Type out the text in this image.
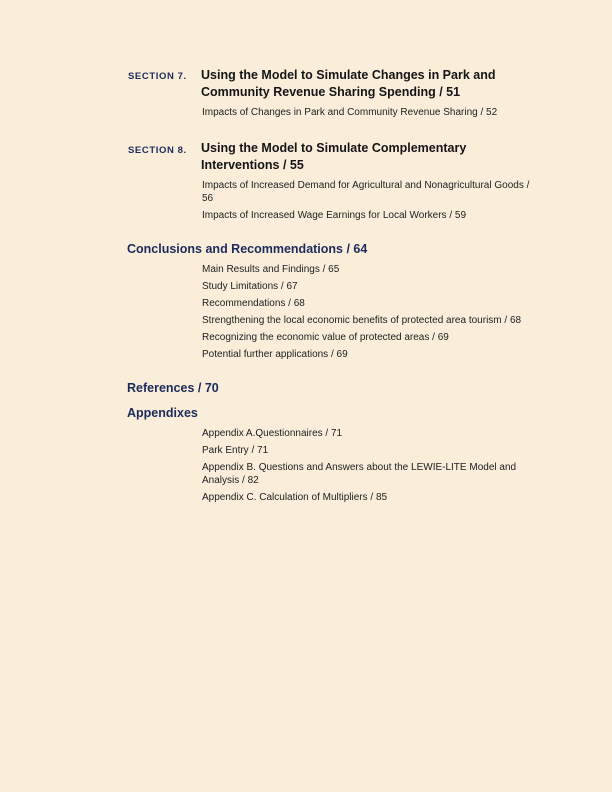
SECTION 7. Using the Model to Simulate Changes in Park and Community Revenue Sharing Spending / 51
Impacts of Changes in Park and Community Revenue Sharing / 52
SECTION 8. Using the Model to Simulate Complementary Interventions / 55
Impacts of Increased Demand for Agricultural and Nonagricultural Goods / 56
Impacts of Increased Wage Earnings for Local Workers / 59
Conclusions and Recommendations / 64
Main Results and Findings / 65
Study Limitations / 67
Recommendations / 68
Strengthening the local economic benefits of protected area tourism / 68
Recognizing the economic value of protected areas / 69
Potential further applications / 69
References / 70
Appendixes
Appendix A.Questionnaires / 71
Park Entry / 71
Appendix B. Questions and Answers about the LEWIE-LITE Model and Analysis / 82
Appendix C. Calculation of Multipliers / 85
